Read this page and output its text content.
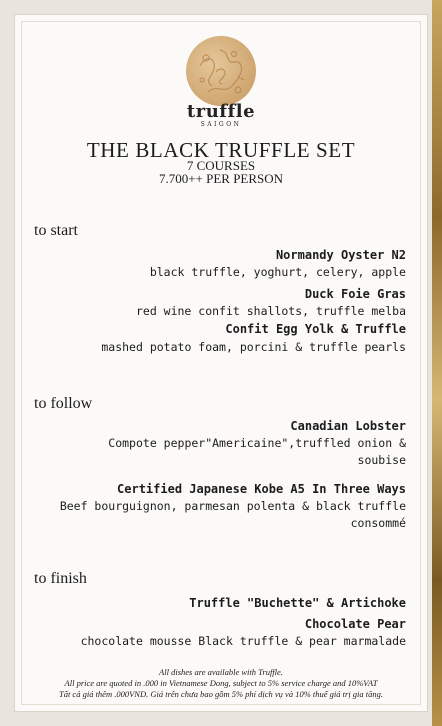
truffle
SAIGON
THE BLACK TRUFFLE SET
7 COURSES
7.700++ PER PERSON
to start
Normandy Oyster N2
black truffle, yoghurt, celery, apple
Duck Foie Gras
red wine confit shallots, truffle melba
Confit Egg Yolk & Truffle
mashed potato foam, porcini & truffle pearls
to follow
Canadian Lobster
Compote pepper"Americaine",truffled onion &
soubise
Certified Japanese Kobe A5 In Three Ways
Beef bourguignon, parmesan polenta & black truffle
consommé
to finish
Truffle "Buchette" & Artichoke
Chocolate Pear
chocolate mousse Black truffle & pear marmalade
All dishes are available with Truffle.
All price are quoted in .000 in Vietnamese Dong, subject to 5% service charge and 10%VAT
Tất cả giá thêm .000VND. Giá trên chưa bao gồm 5% phí dịch vụ và 10% thuế giá trị gia tăng.
